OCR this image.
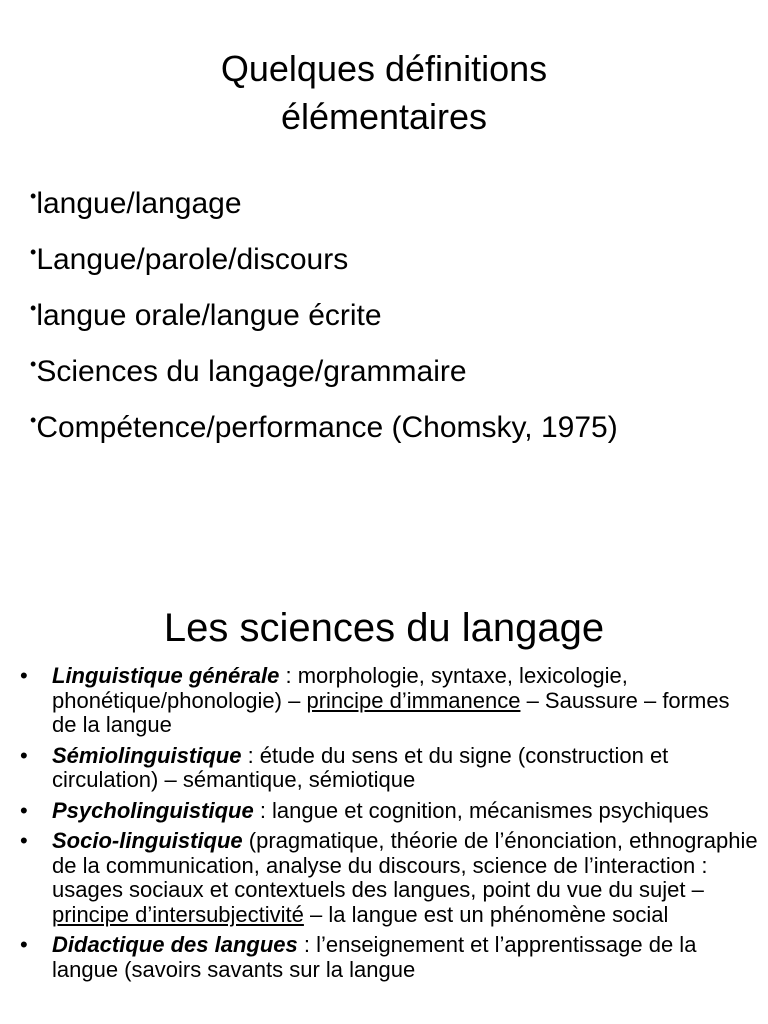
Quelques définitions
élémentaires
•langue/langage
•Langue/parole/discours
•langue orale/langue écrite
•Sciences du langage/grammaire
•Compétence/performance (Chomsky, 1975)
Les sciences du langage
• Linguistique générale : morphologie, syntaxe, lexicologie, phonétique/phonologie) – principe d’immanence – Saussure – formes de la langue
• Sémiolinguistique : étude du sens et du signe (construction et circulation) – sémantique, sémiotique
• Psycholinguistique : langue et cognition, mécanismes psychiques
• Socio-linguistique (pragmatique, théorie de l’énonciation, ethnographie de la communication, analyse du discours, science de l’interaction : usages sociaux et contextuels des langues, point du vue du sujet – principe d’intersubjectivité – la langue est un phénomène social
• Didactique des langues : l’enseignement et l’apprentissage de la langue (savoirs savants sur la langue
